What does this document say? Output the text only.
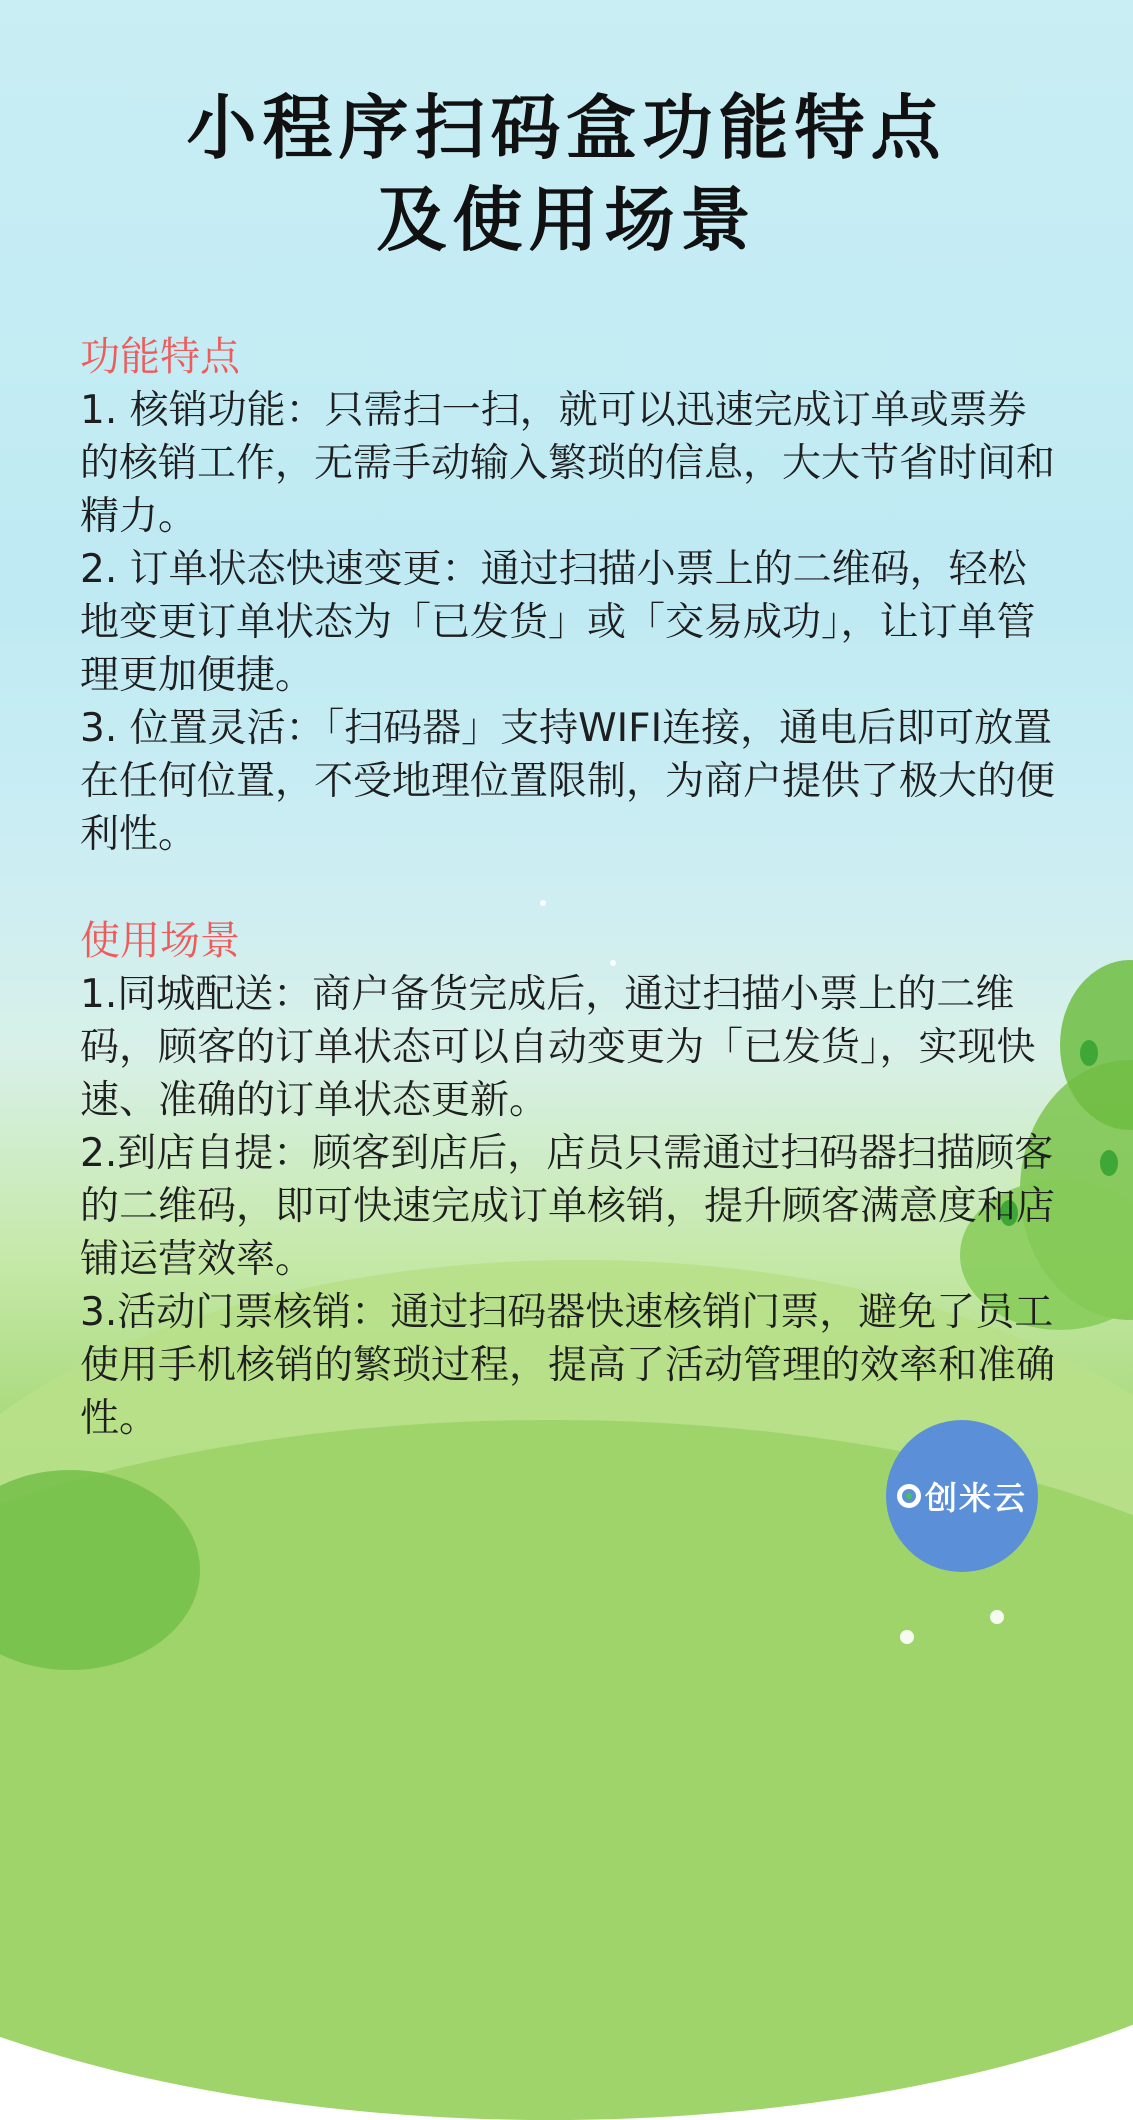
小程序扫码盒功能特点
及使用场景
功能特点

1. 核销功能：只需扫一扫，就可以迅速完成订单或票券的核销工作，无需手动输入繁琐的信息，大大节省时间和精力。

2. 订单状态快速变更：通过扫描小票上的二维码，轻松地变更订单状态为「已发货」或「交易成功」，让订单管理更加便捷。

3. 位置灵活：「扫码器」支持WIFI连接，通电后即可放置在任何位置，不受地理位置限制，为商户提供了极大的便利性。

使用场景

1.同城配送：商户备货完成后，通过扫描小票上的二维码，顾客的订单状态可以自动变更为「已发货」，实现快速、准确的订单状态更新。

2.到店自提：顾客到店后，店员只需通过扫码器扫描顾客的二维码，即可快速完成订单核销，提升顾客满意度和店铺运营效率。

3.活动门票核销：通过扫码器快速核销门票，避免了员工使用手机核销的繁琐过程，提高了活动管理的效率和准确性。

创米云
